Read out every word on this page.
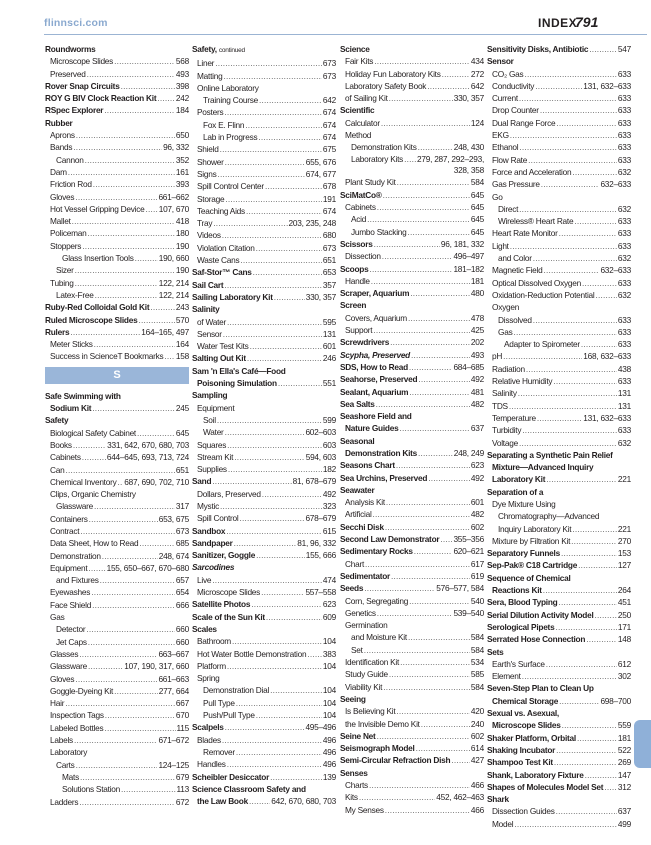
flinnsci.com	INDEX
791
Roundworms
Microscope Slides .....	568
Preserved .....	493
Rover Snap Circuits .....	398
ROY G BIV Clock Reaction Kit ..... 242
RSpec Explorer .....	184
Rubber
Aprons .....	650
Bands .....	96, 332
Cannon .....	352
Dam .....	161
Friction Rod .....	393
Gloves .....	661–662
Hot Vessel Gripping Device ..... 107, 670
Mallet .....	418
Policeman .....	180
Stoppers .....	190
Glass Insertion Tools .....	190, 660
Sizer .....	190
Tubing .....	122, 214
Latex-Free .....	122, 214
Ruby-Red Colloidal Gold Kit .....	243
Ruled Microscope Slides .....	570
Rulers .....	164–165, 497
Meter Sticks .....	164
Success in ScienceT Bookmarks ..... 158
S
Safe Swimming with
Sodium Kit .....	245
Safety
Biological Safety Cabinet .....	645
Books .....	331, 642, 670, 680, 703
Cabinets .....	644–645, 693, 713, 724
Can .....	651
Chemical Inventory ..... 687, 690, 702, 710
Clips, Organic Chemistry
Glassware .....	317
Containers .....	653, 675
Contract .....	673
Data Sheet, How to Read .....	685
Demonstration .....	248, 674
Equipment ..... 155, 650–667, 670–680
and Fixtures .....	657
Eyewashes .....	654
Face Shield .....	666
Gas
Detector .....	660
Jet Caps .....	660
Glasses .....	663–667
Glassware .....	107, 190, 317, 660
Gloves .....	661–663
Goggle-Dyeing Kit .....	277, 664
Hair .....	667
Inspection Tags .....	670
Labeled Bottles .....	115
Labels .....	671–672
Laboratory
Carts .....	124–125
Mats .....	679
Solutions Station .....	113
Ladders .....	672
Safety, continued
Liner .....	673
Matting .....	673
Online Laboratory
Training Course .....	642
Posters .....	674
Fox E. Flinn .....	674
Lab in Progress .....	674
Shield .....	675
Shower .....	655, 676
Signs .....	674, 677
Spill Control Center .....	678
Storage .....	191
Teaching Aids .....	674
Tray .....	203, 235, 248
Videos .....	680
Violation Citation .....	673
Waste Cans .....	651
Saf-Stor™ Cans .....	653
Sail Cart .....	357
Sailing Laboratory Kit .....	330, 357
Salinity
of Water .....	595
Sensor .....	131
Water Test Kits .....	601
Salting Out Kit .....	246
Sam 'n Ella's Café—Food
Poisoning Simulation .....	551
Sampling
Equipment
Soil .....	599
Water .....	602–603
Squares .....	603
Stream Kit .....	594, 603
Supplies .....	182
Sand .....	81, 678–679
Dollars, Preserved .....	492
Mystic .....	323
Spill Control .....	678–679
Sandbox .....	615
Sandpaper .....	81, 96, 332
Sanitizer, Goggle .....	155, 666
Sarcodines
Live .....	474
Microscope Slides .....	557–558
Satellite Photos .....	623
Scale of the Sun Kit .....	609
Scales
Bathroom .....	104
Hot Water Bottle Demonstration ..... 383
Platform .....	104
Spring
Demonstration Dial .....	104
Pull Type .....	104
Push/Pull Type .....	104
Scalpels .....	495–496
Blades .....	496
Remover .....	496
Handles .....	496
Scheibler Desiccator .....	139
Science Classroom Safety and
the Law Book .....	642, 670, 680, 703
Science
Fair Kits .....	434
Holiday Fun Laboratory Kits .....	272
Laboratory Safety Book .....	642
of Sailing Kit .....	330, 357
Scientific
Calculator .....	124
Method
Demonstration Kits .....	248, 430
Laboratory Kits ..... 279, 287, 292–293,
328, 358
Plant Study Kit .....	584
SciMatCo® .....	645
Cabinets .....	645
Acid .....	645
Jumbo Stacking .....	645
Scissors .....	96, 181, 332
Dissection .....	496–497
Scoops .....	181–182
Handle .....	181
Scraper, Aquarium .....	480
Screen
Covers, Aquarium .....	478
Support .....	425
Screwdrivers .....	202
Scypha, Preserved .....	493
SDS, How to Read .....	684–685
Seahorse, Preserved .....	492
Sealant, Aquarium .....	481
Sea Salts .....	482
Seashore Field and
Nature Guides .....	637
Seasonal
Demonstration Kits .....	248, 249
Seasons Chart .....	623
Sea Urchins, Preserved .....	492
Seawater
Analysis Kit .....	601
Artificial .....	482
Secchi Disk .....	602
Second Law Demonstrator ..... 355–356
Sedimentary Rocks .....	620–621
Chart .....	617
Sedimentator .....	619
Seeds .....	576–577, 584
Corn, Segregating .....	540
Genetics .....	539–540
Germination
and Moisture Kit .....	584
Set .....	584
Identification Kit .....	534
Study Guide .....	585
Viability Kit .....	584
Seeing
Is Believing Kit .....	420
the Invisible Demo Kit .....	240
Seine Net .....	602
Seismograph Model .....	614
Semi-Circular Refraction Dish ..... 427
Senses
Charts .....	466
Kits .....	452, 462–463
My Senses .....	466
Sensitivity Disks, Antibiotic .....	547
Sensor
CO₂ Gas .....	633
Conductivity .....	131, 632–633
Current .....	633
Drop Counter .....	633
Dual Range Force .....	633
EKG .....	633
Ethanol .....	633
Flow Rate .....	633
Force and Acceleration .....	632
Gas Pressure .....	632–633
Go
Direct .....	632
Wireless® Heart Rate .....	633
Heart Rate Monitor .....	633
Light .....	633
and Color .....	632
Magnetic Field .....	632–633
Optical Dissolved Oxygen .....	633
Oxidation-Reduction Potential .....	632
Oxygen
Dissolved .....	633
Gas .....	633
Adapter to Spirometer .....	633
pH .....	168, 632–633
Radiation .....	438
Relative Humidity .....	633
Salinity .....	131
TDS .....	131
Temperature .....	131, 632–633
Turbidity .....	633
Voltage .....	632
Separating a Synthetic Pain Relief
Mixture—Advanced Inquiry
Laboratory Kit .....	221
Separation of a
Dye Mixture Using
Chromatography—Advanced
Inquiry Laboratory Kit .....	221
Mixture by Filtration Kit .....	270
Separatory Funnels .....	153
Sep-Pak® C18 Cartridge .....	127
Sequence of Chemical
Reactions Kit .....	264
Sera, Blood Typing .....	451
Serial Dilution Activity Model .....	250
Serological Pipets .....	171
Serrated Hose Connection .....	148
Sets
Earth's Surface .....	612
Element .....	302
Seven-Step Plan to Clean Up
Chemical Storage .....	698–700
Sexual vs. Asexual,
Microscope Slides .....	559
Shaker Platform, Orbital .....	181
Shaking Incubator .....	522
Shampoo Test Kit .....	269
Shank, Laboratory Fixture .....	147
Shapes of Molecules Model Set ..... 312
Shark
Dissection Guides .....	637
Model .....	499
